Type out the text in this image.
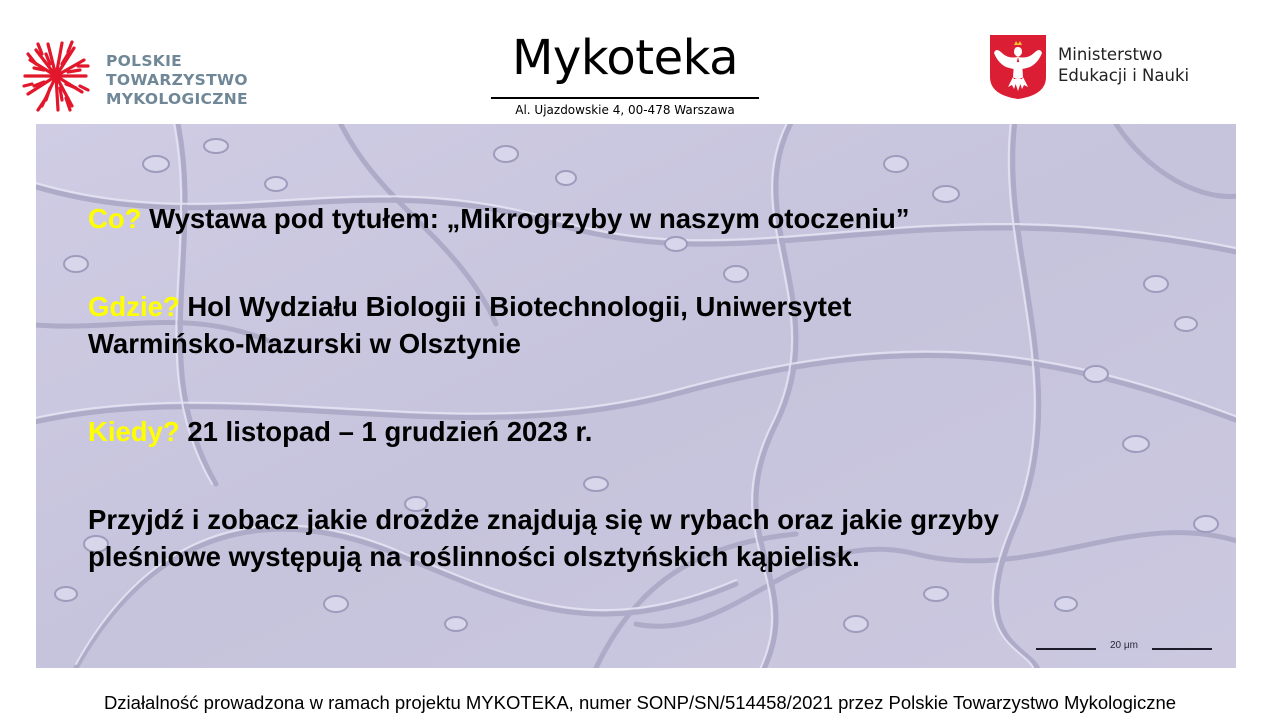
POLSKIE TOWARZYSTWO
MYKOLOGICZNE
Mykoteka
Al. Ujazdowskie 4, 00-478 Warszawa
Ministerstwo
Edukacji i Nauki

Co? Wystawa pod tytułem: „Mikrogrzyby w naszym otoczeniu”

Gdzie? Hol Wydziału Biologii i Biotechnologii, Uniwersytet

Warmińsko-Mazurski w Olsztynie

Kiedy? 21 listopad – 1 grudzień 2023 r.

Przyjdź i zobacz jakie drożdże znajdują się w rybach oraz jakie grzyby

pleśniowe występują na roślinności olsztyńskich kąpielisk.

20 μm
Działalność prowadzona w ramach projektu MYKOTEKA, numer SONP/SN/514458/2021 przez Polskie Towarzystwo Mykologiczne
